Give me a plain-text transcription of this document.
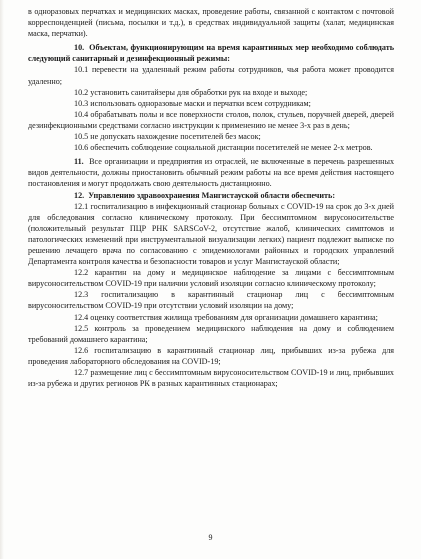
в одноразовых перчатках и медицинских масках, проведение работы, связанной с контактом с почтовой корреспонденцией (письма, посылки и т.д.), в средствах индивидуальной защиты (халат, медицинская маска, перчатки).

10. Объектам, функционирующим на время карантинных мер необходимо соблюдать следующий санитарный и дезинфекционный режимы:

10.1 перевести на удаленный режим работы сотрудников, чья работа может проводится удаленно;

10.2 установить санитайзеры для обработки рук на входе и выходе;

10.3 использовать одноразовые маски и перчатки всем сотрудникам;

10.4 обрабатывать полы и все поверхности столов, полок, стульев, поручней дверей, дверей дезинфекционными средствами согласно инструкции к применению не менее 3-х раз в день;

10.5 не допускать нахождение посетителей без масок;

10.6 обеспечить соблюдение социальной дистанции посетителей не менее 2-х метров.

11. Все организации и предприятия из отраслей, не включенные в перечень разрешенных видов деятельности, должны приостановить обычный режим работы на все время действия настоящего постановления и могут продолжать свою деятельность дистанционно.

12. Управлению здравоохранения Мангистауской области обеспечить:

12.1 госпитализацию в инфекционный стационар больных с COVID-19 на срок до 3-х дней для обследования согласно клиническому протоколу. При бессимптомном вирусоносительстве (положительный результат ПЦР РНК SARSCoV-2, отсутствие жалоб, клинических симптомов и патологических изменений при инструментальной визуализации легких) пациент подлежит выписке по решению лечащего врача по согласованию с эпидемиологами районных и городских управлений Департамента контроля качества и безопасности товаров и услуг Мангистауской области;

12.2 карантин на дому и медицинское наблюдение за лицами с бессимптомным вирусоносительством COVID-19 при наличии условий изоляции согласно клиническому протоколу;

12.3 госпитализацию в карантинный стационар лиц с бессимптомным вирусоносительством COVID-19 при отсутствии условий изоляции на дому;

12.4 оценку соответствия жилища требованиям для организации домашнего карантина;

12.5 контроль за проведением медицинского наблюдения на дому и соблюдением требований домашнего карантина;

12.6 госпитализацию в карантинный стационар лиц, прибывших из-за рубежа для проведения лабораторного обследования на COVID-19;

12.7 размещение лиц с бессимптомным вирусоносительством COVID-19 и лиц, прибывших из-за рубежа и других регионов РК в разных карантинных стационарах;

9
